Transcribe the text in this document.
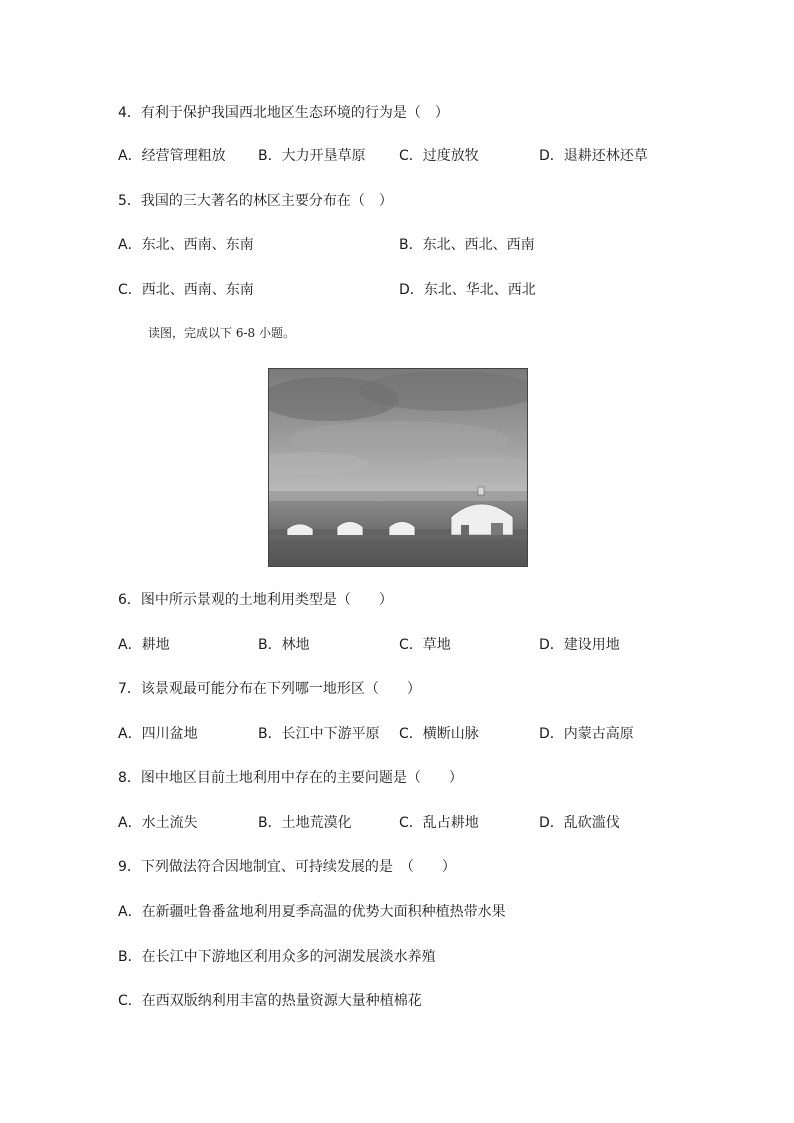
4．有利于保护我国西北地区生态环境的行为是（　）
A．经营管理粗放 B．大力开垦草原 C．过度放牧	D．退耕还林还草
5．我国的三大著名的林区主要分布在（　）
A．东北、西南、东南	B．东北、西北、西南
C．西北、西南、东南	D．东北、华北、西北
读图，完成以下 6-8 小题。
6．图中所示景观的土地利用类型是（　　）
A．耕地	B．林地	C．草地	D．建设用地
7．该景观最可能分布在下列哪一地形区（　　）
A．四川盆地	B．长江中下游平原 C．横断山脉	D．内蒙古高原
8．图中地区目前土地利用中存在的主要问题是（　　）
A．水土流失	B．土地荒漠化	C．乱占耕地	D．乱砍滥伐
9．下列做法符合因地制宜、可持续发展的是　（　　）
A．在新疆吐鲁番盆地利用夏季高温的优势大面积种植热带水果
B．在长江中下游地区利用众多的河湖发展淡水养殖
C．在西双版纳利用丰富的热量资源大量种植棉花
